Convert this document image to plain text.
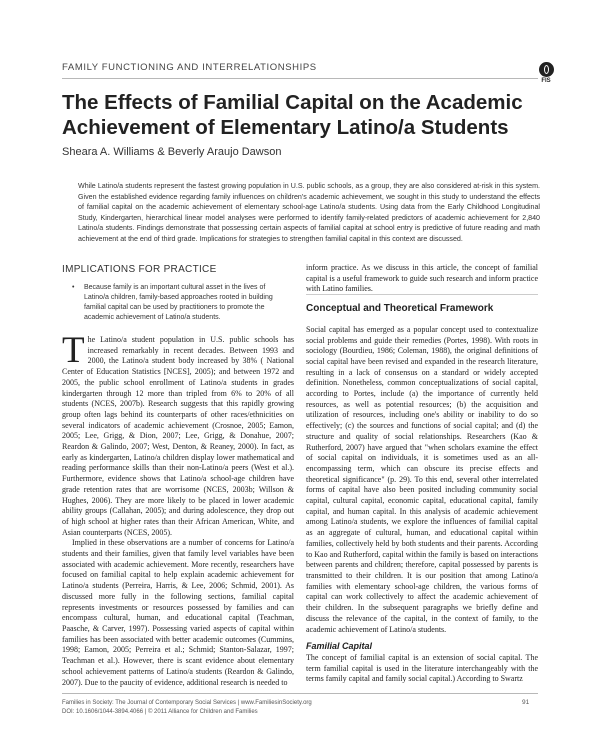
FAMILY FUNCTIONING AND INTERRELATIONSHIPS
FIS
The Effects of Familial Capital on the Academic
Achievement of Elementary Latino/a Students
Sheara A. Williams & Beverly Araujo Dawson
While Latino/a students represent the fastest growing population in U.S. public schools, as a group, they are also considered at-risk in this system. Given the established evidence regarding family influences on children's academic achievement, we sought in this study to understand the effects of familial capital on the academic achievement of elementary school-age Latino/a students. Using data from the Early Childhood Longitudinal Study, Kindergarten, hierarchical linear model analyses were performed to identify family-related predictors of academic achievement for 2,840 Latino/a students. Findings demonstrate that possessing certain aspects of familial capital at school entry is predictive of future reading and math achievement at the end of third grade. Implications for strategies to strengthen familial capital in this context are discussed.
IMPLICATIONS FOR PRACTICE
• Because family is an important cultural asset in the lives of Latino/a children, family-based approaches rooted in building familial capital can be used by practitioners to promote the academic achievement of Latino/a students.

The Latino/a student population in U.S. public schools has increased remarkably in recent decades. Between 1993 and 2000, the Latino/a student body increased by 38% ( National Center of Education Statistics [NCES], 2005); and between 1972 and 2005, the public school enrollment of Latino/a students in grades kindergarten through 12 more than tripled from 6% to 20% of all students (NCES, 2007b). Research suggests that this rapidly growing group often lags behind its counterparts of other races/ethnicities on several indicators of academic achievement (Crosnoe, 2005; Eamon, 2005; Lee, Grigg, & Dion, 2007; Lee, Grigg, & Donahue, 2007; Reardon & Galindo, 2007; West, Denton, & Reaney, 2000). In fact, as early as kindergarten, Latino/a children display lower mathematical and reading performance skills than their non-Latino/a peers (West et al.). Furthermore, evidence shows that Latino/a school-age children have grade retention rates that are worrisome (NCES, 2003b; Willson & Hughes, 2006). They are more likely to be placed in lower academic ability groups (Callahan, 2005); and during adolescence, they drop out of high school at higher rates than their African American, White, and Asian counterparts (NCES, 2005).

Implied in these observations are a number of concerns for Latino/a students and their families, given that family level variables have been associated with academic achievement. More recently, researchers have focused on familial capital to help explain academic achievement for Latino/a students (Perreira, Harris, & Lee, 2006; Schmid, 2001). As discussed more fully in the following sections, familial capital represents investments or resources possessed by families and can encompass cultural, human, and educational capital (Teachman, Paasche, & Carver, 1997). Possessing varied aspects of capital within families has been associated with better academic outcomes (Cummins, 1998; Eamon, 2005; Perreira et al.; Schmid; Stanton-Salazar, 1997; Teachman et al.). However, there is scant evidence about elementary school achievement patterns of Latino/a students (Reardon & Galindo, 2007). Due to the paucity of evidence, additional research is needed to

inform practice. As we discuss in this article, the concept of familial capital is a useful framework to guide such research and inform practice with Latino families.

Conceptual and Theoretical Framework

Social capital has emerged as a popular concept used to contextualize social problems and guide their remedies (Portes, 1998). With roots in sociology (Bourdieu, 1986; Coleman, 1988), the original definitions of social capital have been revised and expanded in the research literature, resulting in a lack of consensus on a standard or widely accepted definition. Nonetheless, common conceptualizations of social capital, according to Portes, include (a) the importance of currently held resources, as well as potential resources; (b) the acquisition and utilization of resources, including one's ability or inability to do so effectively; (c) the sources and functions of social capital; and (d) the structure and quality of social relationships. Researchers (Kao & Rutherford, 2007) have argued that "when scholars examine the effect of social capital on individuals, it is sometimes used as an all-encompassing term, which can obscure its precise effects and theoretical significance" (p. 29). To this end, several other interrelated forms of capital have also been posited including community social capital, cultural capital, economic capital, educational capital, family capital, and human capital. In this analysis of academic achievement among Latino/a students, we explore the influences of familial capital as an aggregate of cultural, human, and educational capital within families, collectively held by both students and their parents. According to Kao and Rutherford, capital within the family is based on interactions between parents and children; therefore, capital possessed by parents is transmitted to their children. It is our position that among Latino/a families with elementary school-age children, the various forms of capital can work collectively to affect the academic achievement of their children. In the subsequent paragraphs we briefly define and discuss the relevance of the capital, in the context of family, to the academic achievement of Latino/a students.

Familial Capital

The concept of familial capital is an extension of social capital. The term familial capital is used in the literature interchangeably with the terms family capital and family social capital.) According to Swartz

Families in Society: The Journal of Contemporary Social Services | www.FamiliesinSociety.org
DOI: 10.1606/1044-3894.4066 | © 2011 Alliance for Children and Families
91
